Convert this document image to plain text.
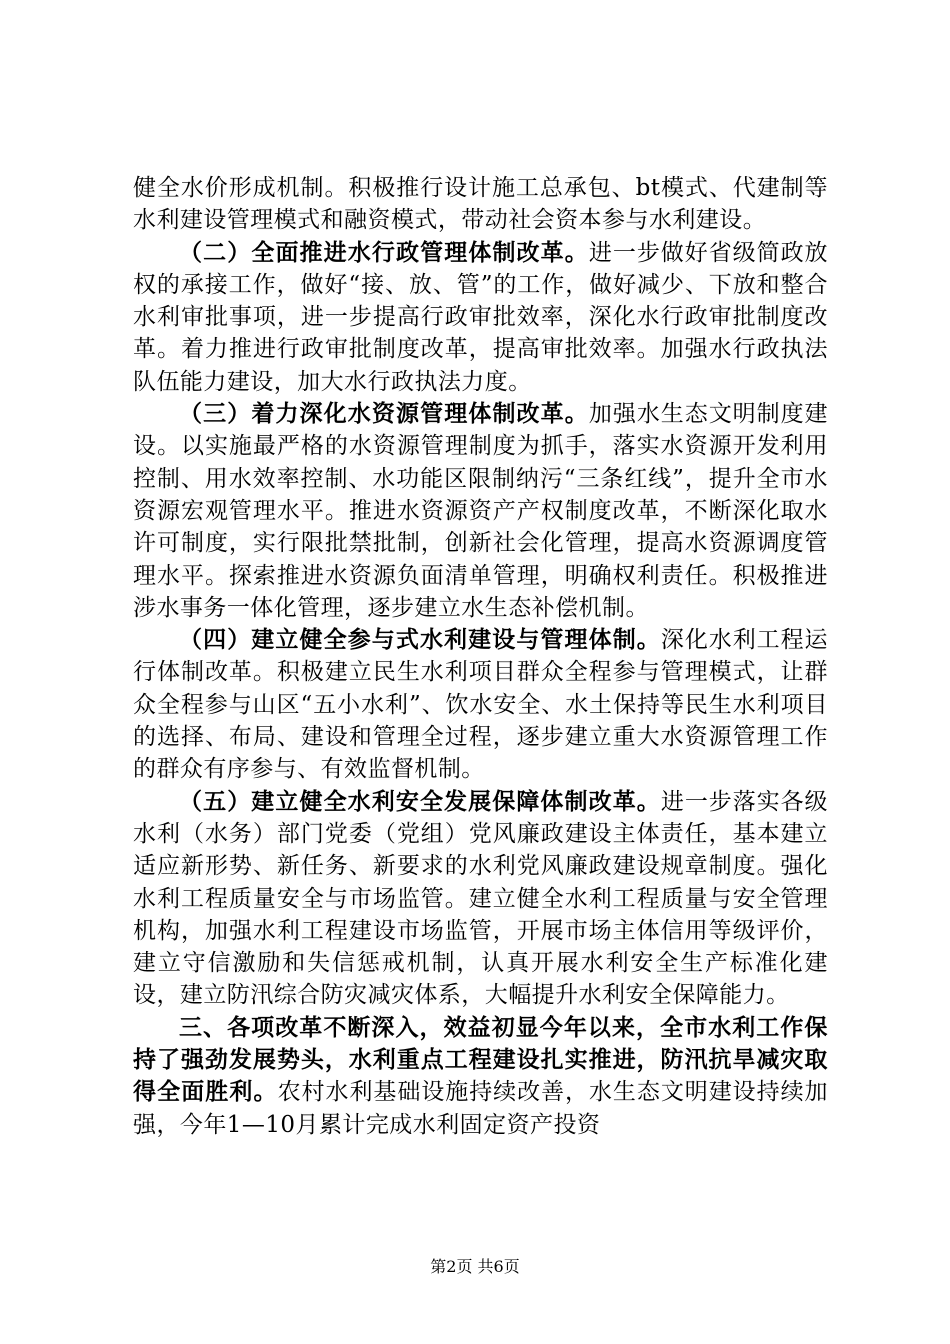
健全水价形成机制。积极推行设计施工总承包、bt模式、代建制等水利建设管理模式和融资模式，带动社会资本参与水利建设。

（二）全面推进水行政管理体制改革。进一步做好省级简政放权的承接工作，做好“接、放、管”的工作，做好减少、下放和整合水利审批事项，进一步提高行政审批效率，深化水行政审批制度改革。着力推进行政审批制度改革，提高审批效率。加强水行政执法队伍能力建设，加大水行政执法力度。

（三）着力深化水资源管理体制改革。加强水生态文明制度建设。以实施最严格的水资源管理制度为抓手，落实水资源开发利用控制、用水效率控制、水功能区限制纳污“三条红线”，提升全市水资源宏观管理水平。推进水资源资产产权制度改革，不断深化取水许可制度，实行限批禁批制，创新社会化管理，提高水资源调度管理水平。探索推进水资源负面清单管理，明确权利责任。积极推进涉水事务一体化管理，逐步建立水生态补偿机制。

（四）建立健全参与式水利建设与管理体制。深化水利工程运行体制改革。积极建立民生水利项目群众全程参与管理模式，让群众全程参与山区“五小水利”、饮水安全、水土保持等民生水利项目的选择、布局、建设和管理全过程，逐步建立重大水资源管理工作的群众有序参与、有效监督机制。

（五）建立健全水利安全发展保障体制改革。进一步落实各级水利（水务）部门党委（党组）党风廉政建设主体责任，基本建立适应新形势、新任务、新要求的水利党风廉政建设规章制度。强化水利工程质量安全与市场监管。建立健全水利工程质量与安全管理机构，加强水利工程建设市场监管，开展市场主体信用等级评价，建立守信激励和失信惩戒机制，认真开展水利安全生产标准化建设，建立防汛综合防灾减灾体系，大幅提升水利安全保障能力。

三、各项改革不断深入，效益初显今年以来，全市水利工作保持了强劲发展势头，水利重点工程建设扎实推进，防汛抗旱减灾取得全面胜利。农村水利基础设施持续改善，水生态文明建设持续加强，今年1—10月累计完成水利固定资产投资

第2页 共6页
